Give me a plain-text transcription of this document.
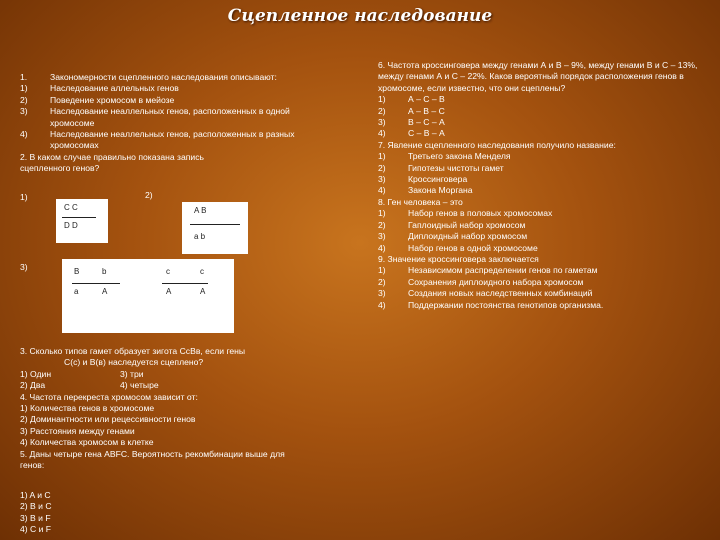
Сцепленное наследование
1.	Закономерности сцепленного наследования описывают:
1)	Наследование аллельных генов
2)	Поведение хромосом в мейозе
3)	Наследование неаллельных генов, расположенных в одной хромосоме
4)	Наследование неаллельных генов, расположенных в разных хромосомах
2. В каком случае правильно показана запись сцепленного генов?
1)	2)
3)
C C
D D
A B
a b
B	b
a	A
c	c
A	A
3. Сколько типов гамет образует зигота СсВв, если гены
C(c) и B(в) наследуется сцеплено?
1) Один	3) три
2) Два	4) четыре
4. Частота перекреста хромосом зависит от:
1) Количества генов в хромосоме
2) Доминантности или рецессивности генов
3) Расстояния между генами
4) Количества хромосом в клетке
5. Даны четыре гена ABFC. Вероятность рекомбинации выше для генов:
1) A и C
2) B и C
3) B и F
4) C и F
6. Частота кроссинговера между генами А и В – 9%, между генами В и С – 13%, между генами А и С – 22%. Каков вероятный порядок расположения генов в хромосоме, если известно, что они сцеплены?
1)	А – С – В
2)	А – В – С
3)	В – С – А
4)	С – В – А
7. Явление сцепленного наследования получило название:
1)	Третьего закона Менделя
2)	Гипотезы чистоты гамет
3)	Кроссинговера
4)	Закона Моргана
8. Ген человека – это
1)	Набор генов в половых хромосомах
2)	Гаплоидный набор хромосом
3)	Диплоидный набор хромосом
4)	Набор генов в одной хромосоме
9. Значение кроссинговера заключается
1)	Независимом распределении генов по гаметам
2)	Сохранения диплоидного набора хромосом
3)	Создания новых наследственных комбинаций
4)	Поддержании постоянства генотипов организма.
